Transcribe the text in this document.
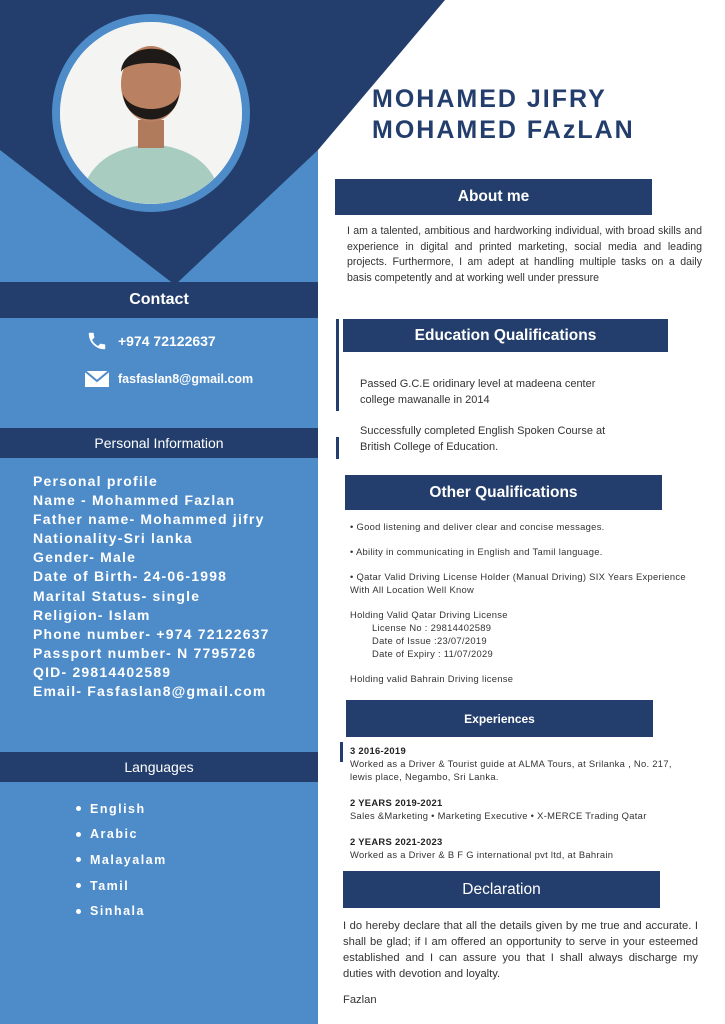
Contact
+974 72122637
fasfaslan8@gmail.com
Personal Information
Personal profile
Name - Mohammed Fazlan
Father name- Mohammed jifry
Nationality-Sri lanka
Gender- Male
Date of Birth- 24-06-1998
Marital Status- single
Religion- Islam
Phone number- +974 72122637
Passport number- N 7795726
QID- 29814402589
Email- Fasfaslan8@gmail.com
Languages
English
Arabic
Malayalam
Tamil
Sinhala
MOHAMED JIFRY
MOHAMED FAzLAN
About me
I am a talented, ambitious and hardworking individual, with broad skills and experience in digital and printed marketing, social media and leading projects. Furthermore, I am adept at handling multiple tasks on a daily basis competently and at working well under pressure
Education Qualifications
Passed G.C.E oridinary level at madeena center college mawanalle in 2014
Successfully completed English Spoken Course at British College of Education.
Other Qualifications

• Good listening and deliver clear and concise messages.

• Ability in communicating in English and Tamil language.

• Qatar Valid Driving License Holder (Manual Driving) SIX Years Experience With All Location Well Know

Holding Valid Qatar Driving License
License No : 29814402589
Date of Issue :23/07/2019
Date of Expiry : 11/07/2029
Holding valid Bahrain Driving license
Experiences
3 2016-2019
Worked as a Driver & Tourist guide at ALMA Tours, at Srilanka , No. 217, lewis place, Negambo, Sri Lanka.
2 YEARS 2019-2021
Sales &Marketing • Marketing Executive • X-MERCE Trading Qatar
2 YEARS 2021-2023
Worked as a Driver & B F G international pvt ltd, at Bahrain
Declaration
I do hereby declare that all the details given by me true and accurate. I shall be glad; if I am offered an opportunity to serve in your esteemed established and I can assure you that I shall always discharge my duties with devotion and loyalty.
Fazlan
